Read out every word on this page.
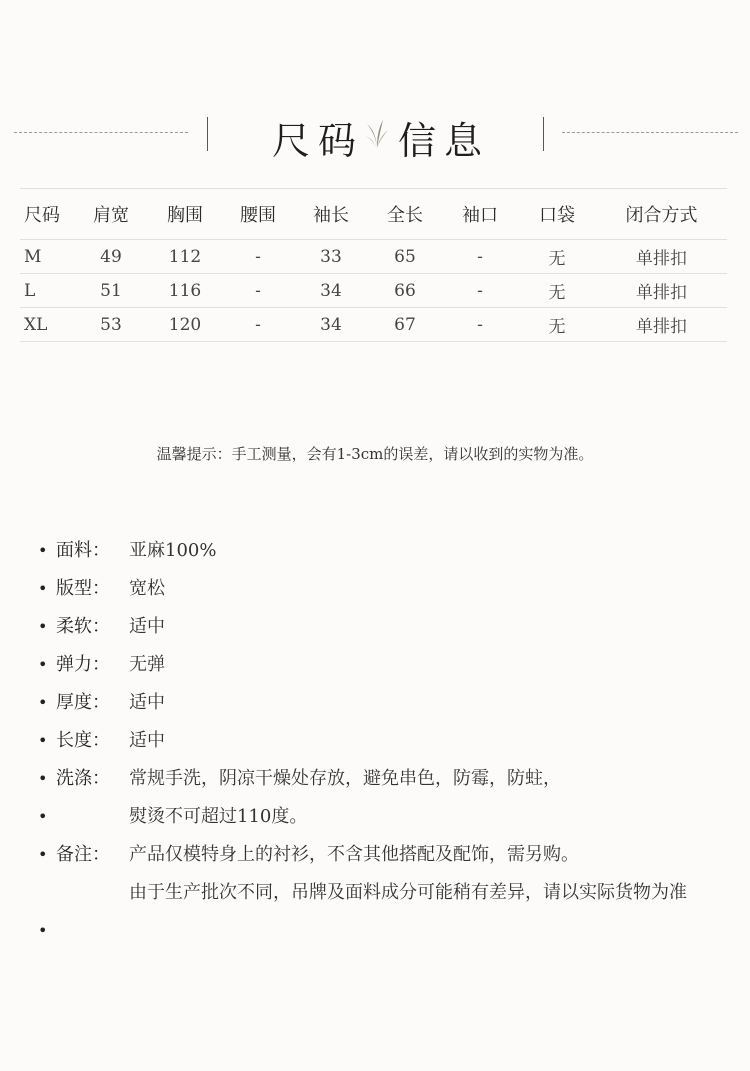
尺码 信息
尺码	肩宽	胸围	腰围	袖长	全长	袖口	口袋	闭合方式
M	49	112	-	33	65	-	无	单排扣
L	51	116	-	34	66	-	无	单排扣
XL	53	120	-	34	67	-	无	单排扣
温馨提示：手工测量，会有1-3cm的误差，请以收到的实物为准。
• 面料： 亚麻100%
• 版型： 宽松
• 柔软： 适中
• 弹力： 无弹
• 厚度： 适中
• 长度： 适中
• 洗涤： 常规手洗，阴凉干燥处存放，避免串色，防霉，防蛀，
•	熨烫不可超过110度。
• 备注： 产品仅模特身上的衬衫，不含其他搭配及配饰，需另购。
由于生产批次不同，吊牌及面料成分可能稍有差异，请以实际货物为准
•
